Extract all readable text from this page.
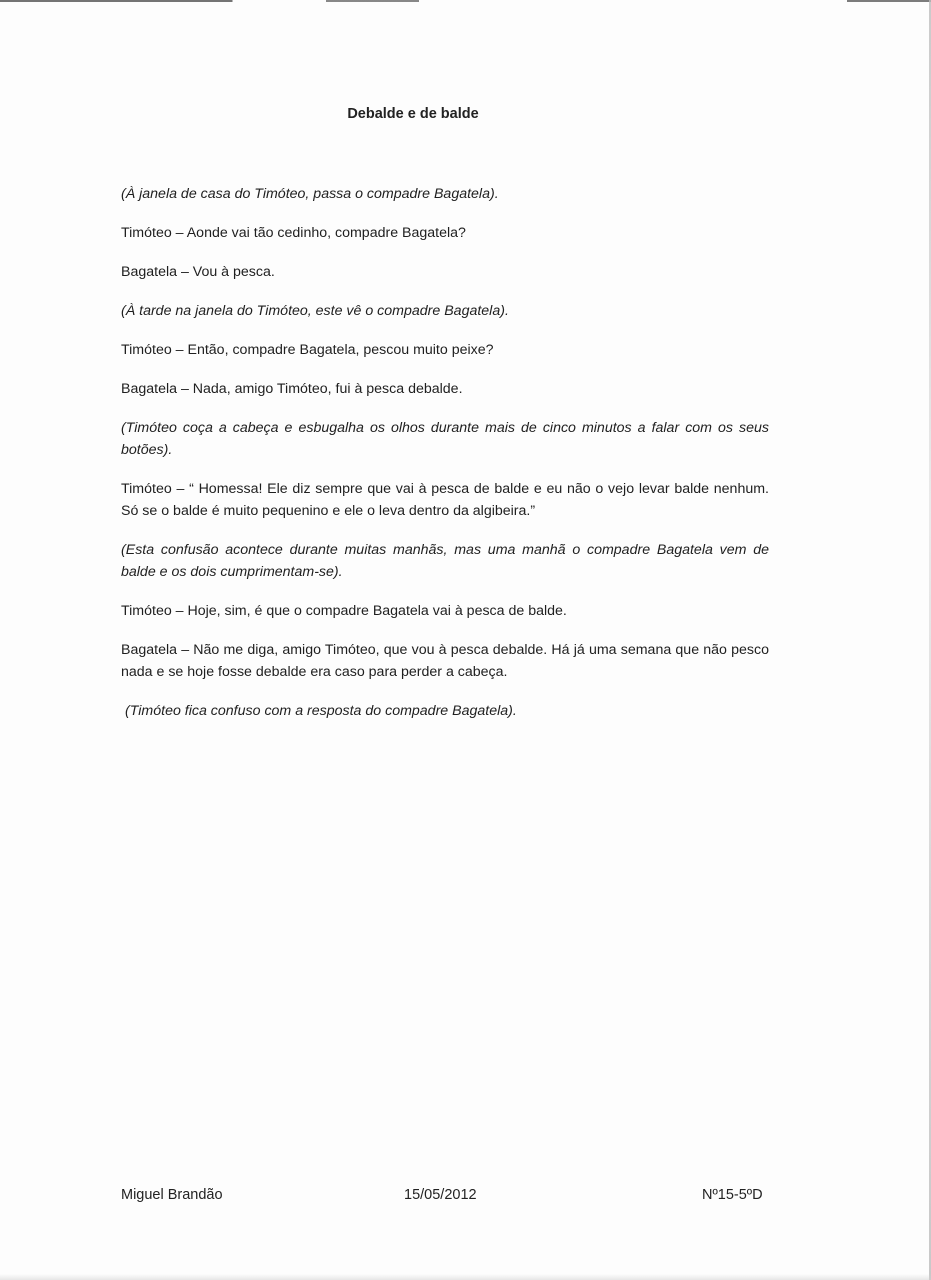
Debalde e de balde

(À janela de casa do Timóteo, passa o compadre Bagatela).

Timóteo – Aonde vai tão cedinho, compadre Bagatela?

Bagatela – Vou à pesca.

(À tarde na janela do Timóteo, este vê o compadre Bagatela).

Timóteo – Então, compadre Bagatela, pescou muito peixe?

Bagatela – Nada, amigo Timóteo, fui à pesca debalde.

(Timóteo coça a cabeça e esbugalha os olhos durante mais de cinco minutos a falar com os seus botões).

Timóteo – “ Homessa! Ele diz sempre que vai à pesca de balde e eu não o vejo levar balde nenhum. Só se o balde é muito pequenino e ele o leva dentro da algibeira.”

(Esta confusão acontece durante muitas manhãs, mas uma manhã o compadre Bagatela vem de balde e os dois cumprimentam-se).

Timóteo – Hoje, sim, é que o compadre Bagatela vai à pesca de balde.

Bagatela – Não me diga, amigo Timóteo, que vou à pesca debalde. Há já uma semana que não pesco nada e se hoje fosse debalde era caso para perder a cabeça.

(Timóteo fica confuso com a resposta do compadre Bagatela).

Miguel Brandão	15/05/2012	Nº15-5ºD
